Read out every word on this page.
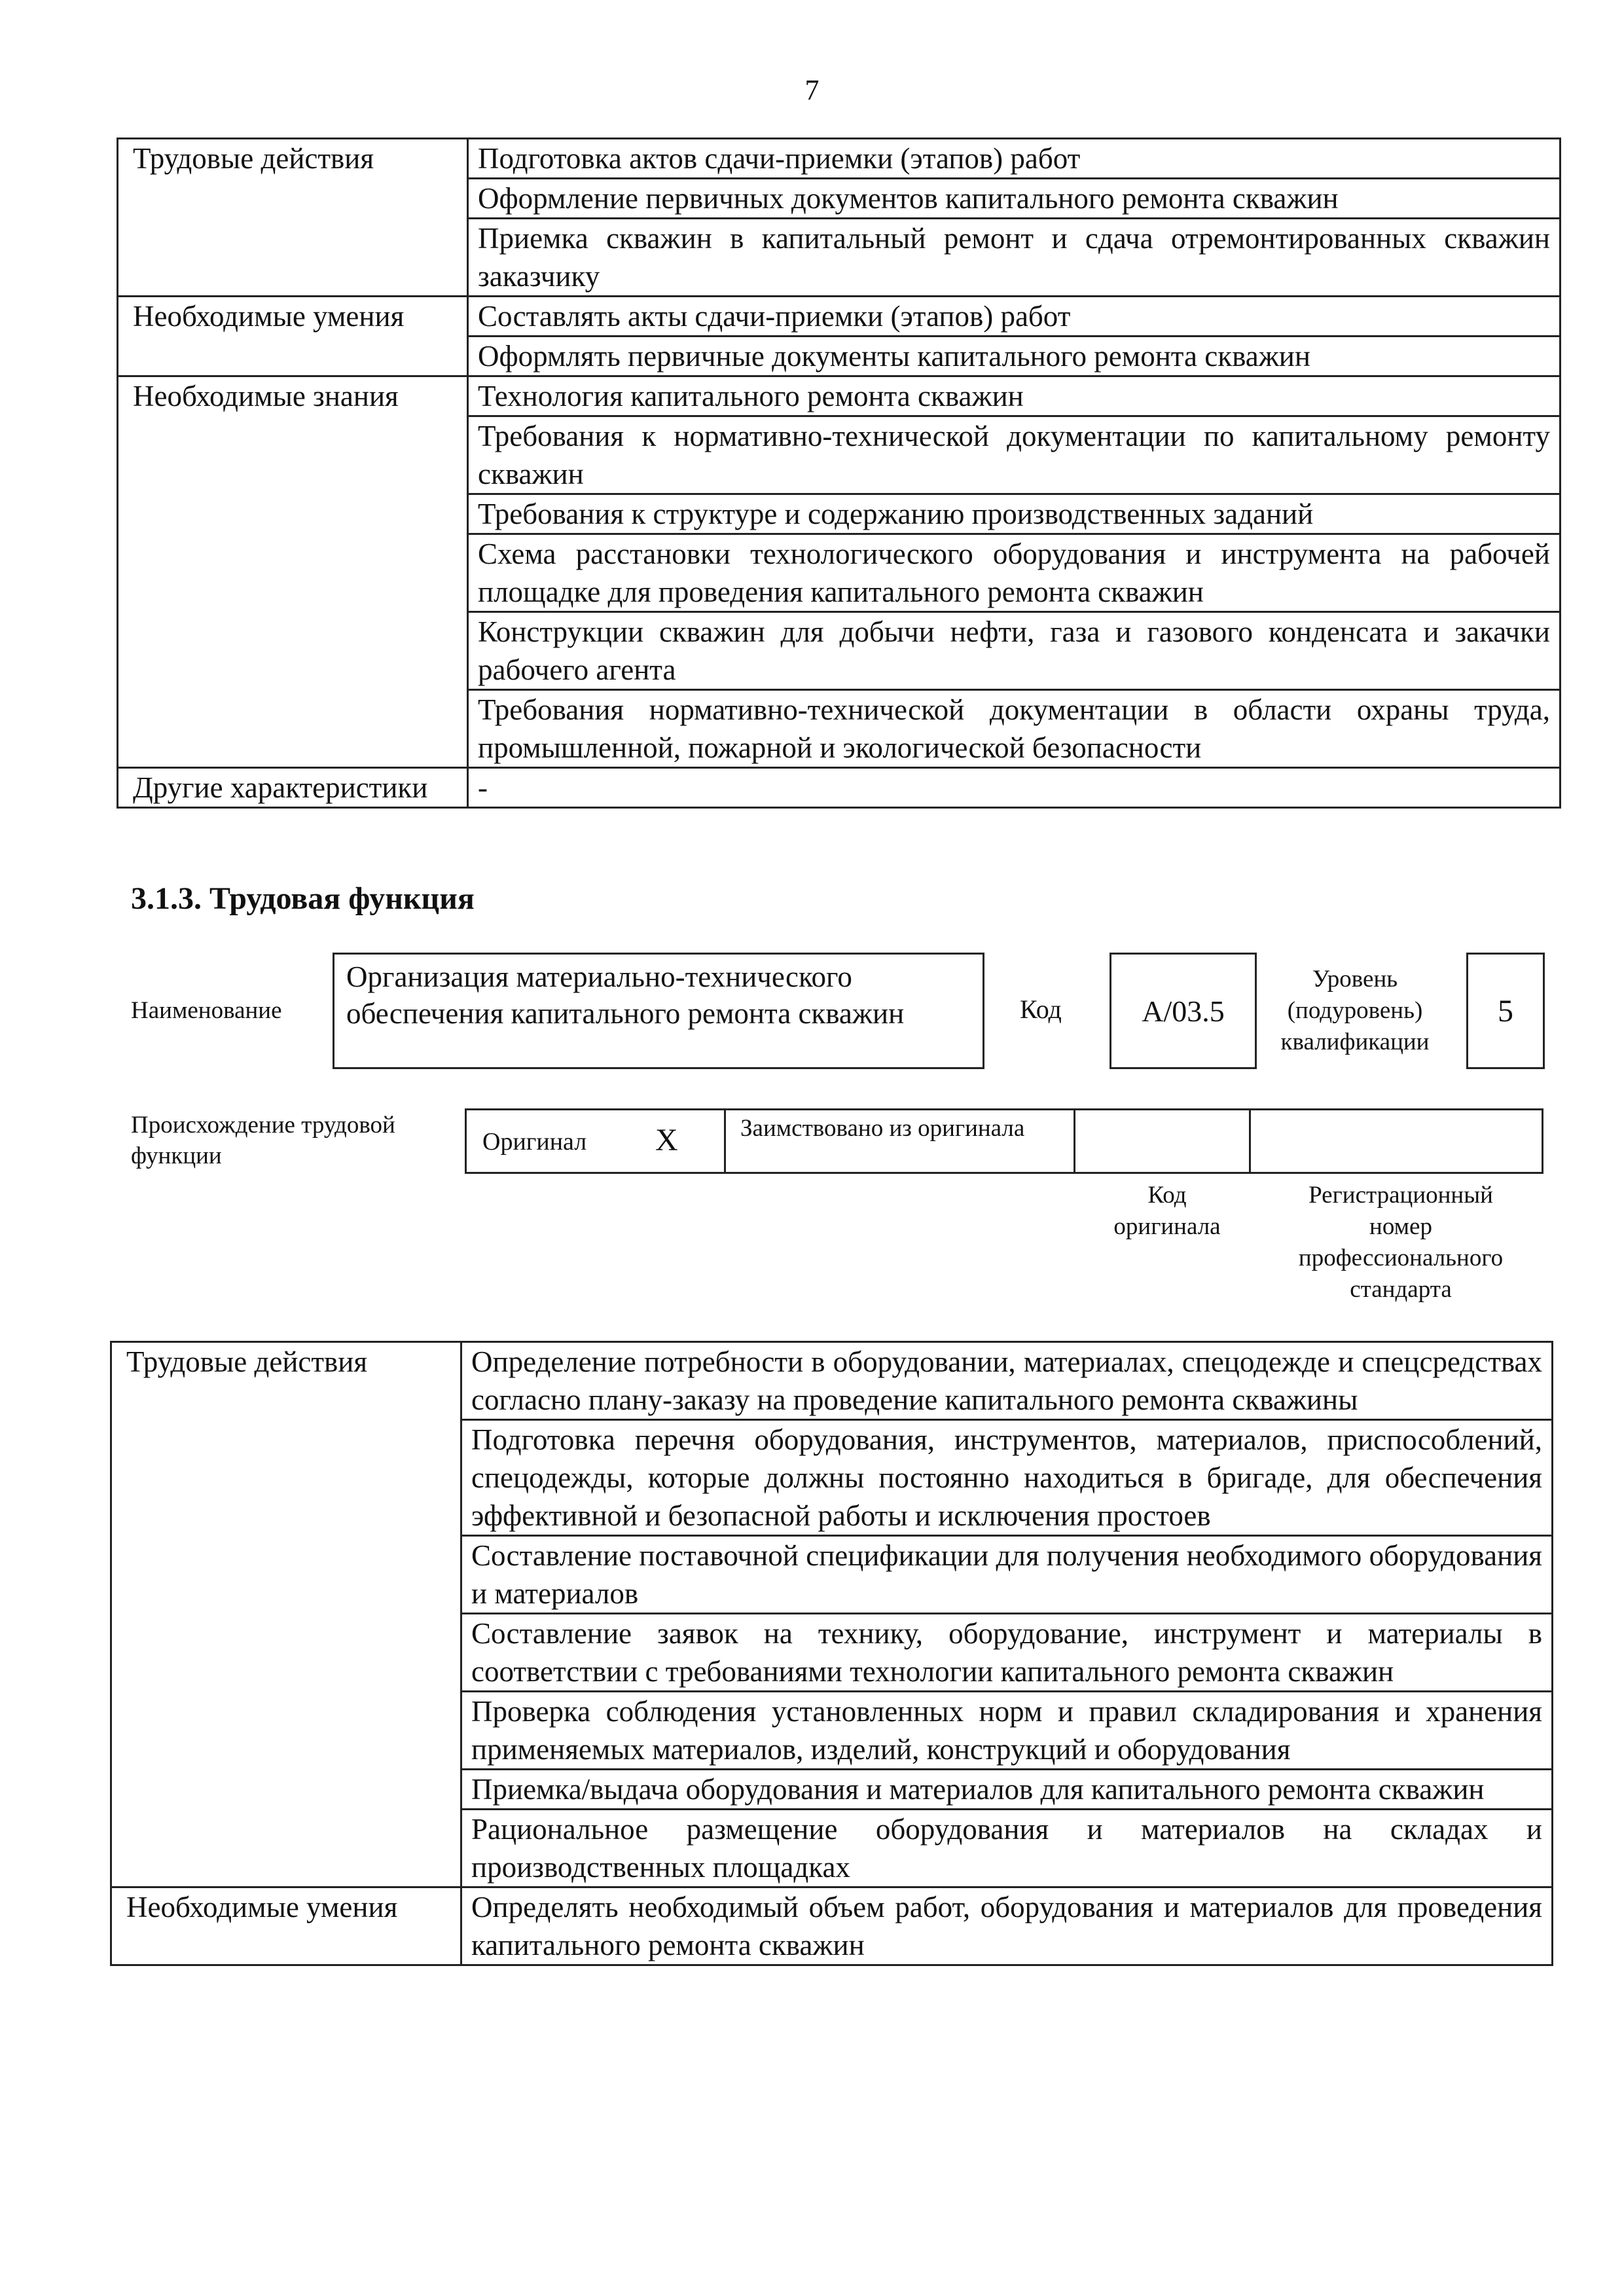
7
Трудовые действия	Подготовка актов сдачи-приемки (этапов) работ
	Оформление первичных документов капитального ремонта скважин
	Приемка скважин в капитальный ремонт и сдача отремонтированных скважин заказчику
Необходимые умения	Составлять акты сдачи-приемки (этапов) работ
	Оформлять первичные документы капитального ремонта скважин
Необходимые знания	Технология капитального ремонта скважин
	Требования к нормативно-технической документации по капитальному ремонту скважин
	Требования к структуре и содержанию производственных заданий
	Схема расстановки технологического оборудования и инструмента на рабочей площадке для проведения капитального ремонта скважин
	Конструкции скважин для добычи нефти, газа и газового конденсата и закачки рабочего агента
	Требования нормативно-технической документации в области охраны труда, промышленной, пожарной и экологической безопасности
Другие характеристики	-
3.1.3. Трудовая функция
Наименование
Организация материально-технического обеспечения капитального ремонта скважин	Код	А/03.5
Уровень (подуровень) квалификации
5
Происхождение трудовой функции
Оригинал X	Заимствовано из оригинала
Код оригинала
Регистрационный номер профессионального стандарта
Трудовые действия	Определение потребности в оборудовании, материалах, спецодежде и спецсредствах согласно плану-заказу на проведение капитального ремонта скважины
	Подготовка перечня оборудования, инструментов, материалов, приспособлений, спецодежды, которые должны постоянно находиться в бригаде, для обеспечения эффективной и безопасной работы и исключения простоев
	Составление поставочной спецификации для получения необходимого оборудования и материалов
	Составление заявок на технику, оборудование, инструмент и материалы в соответствии с требованиями технологии капитального ремонта скважин
	Проверка соблюдения установленных норм и правил складирования и хранения применяемых материалов, изделий, конструкций и оборудования
	Приемка/выдача оборудования и материалов для капитального ремонта скважин
	Рациональное размещение оборудования и материалов на складах и производственных площадках
Необходимые умения	Определять необходимый объем работ, оборудования и материалов для проведения капитального ремонта скважин
